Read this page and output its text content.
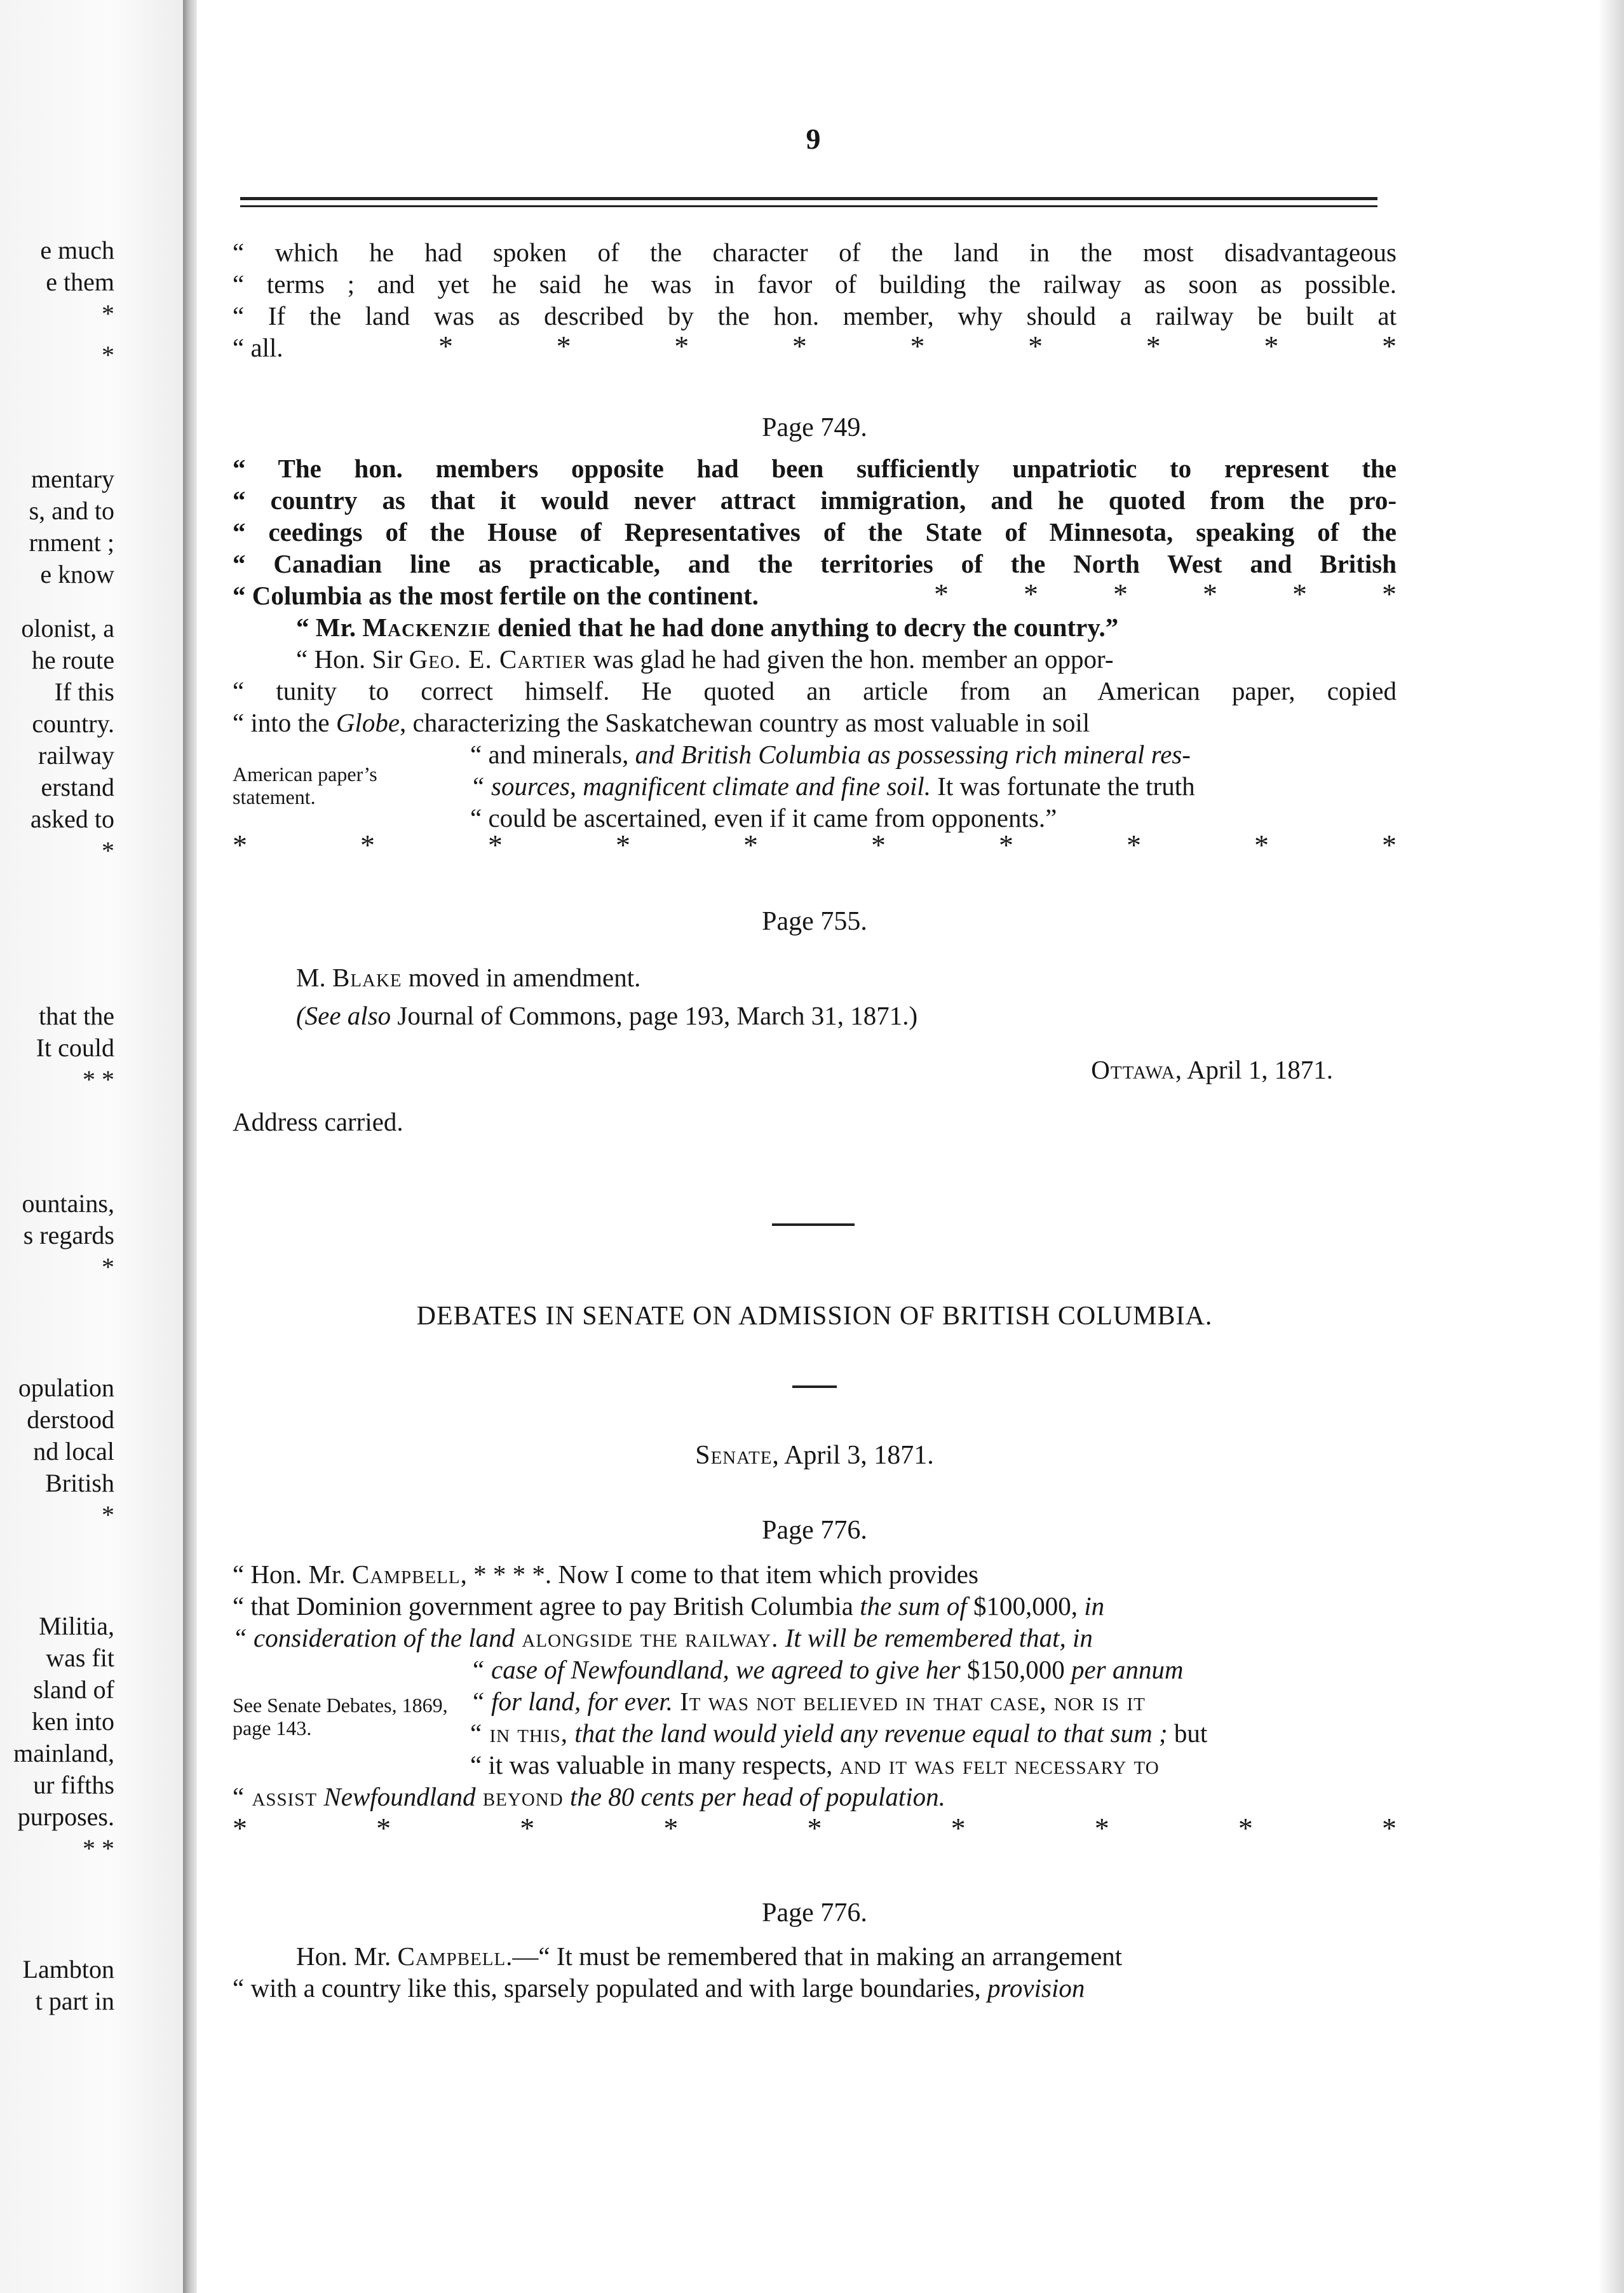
e much
e them
*
*
mentary
s, and to
rnment ;
e know
olonist, a
he route
If this
country.
railway
erstand
asked to
*
that the
It could
* *
ountains,
s regards
*
opulation
derstood
nd local
British
*
Militia,
was fit
sland of
ken into
mainland,
ur fifths
purposes.
* *
Lambton
t part in
9
“ which he had spoken of the character of the land in the most disadvantageous
“ terms ; and yet he said he was in favor of building the railway as soon as possible.
“ If the land was as described by the hon. member, why should a railway be built at
“ all.	*	*	*	*	*	*	*	*	*
Page 749.
“ The hon. members opposite had been sufficiently unpatriotic to represent the
“ country as that it would never attract immigration, and he quoted from the pro-
“ ceedings of the House of Representatives of the State of Minnesota, speaking of the
“ Canadian line as practicable, and the territories of the North West and British
“ Columbia as the most fertile on the continent.	*	*	*	*	*	*
“ Mr. Mackenzie denied that he had done anything to decry the country.”
“ Hon. Sir Geo. E. Cartier was glad he had given the hon. member an oppor-
“ tunity to correct himself. He quoted an article from an American paper, copied
“ into the Globe, characterizing the Saskatchewan country as most valuable in soil
“ and minerals, and British Columbia as possessing rich mineral res-
“ sources, magnificent climate and fine soil. It was fortunate the truth
“ could be ascertained, even if it came from opponents.”
American paper’s statement.
*	*	*	*	*	*	*	*	*	*
Page 755.
M. Blake moved in amendment.
(See also Journal of Commons, page 193, March 31, 1871.)
Ottawa, April 1, 1871.
Address carried.
DEBATES IN SENATE ON ADMISSION OF BRITISH COLUMBIA.
Senate, April 3, 1871.
Page 776.
“ Hon. Mr. Campbell, * * * *. Now I come to that item which provides
“ that Dominion government agree to pay British Columbia the sum of $100,000, in
“ consideration of the land alongside the railway. It will be remembered that, in
“ case of Newfoundland, we agreed to give her $150,000 per annum
“ for land, for ever. It was not believed in that case, nor is it
“ in this, that the land would yield any revenue equal to that sum ; but
“ it was valuable in many respects, and it was felt necessary to
“ assist Newfoundland beyond the 80 cents per head of population.
See Senate Debates, 1869, page 143.
*	*	*	*	*	*	*	*	*
Page 776.
Hon. Mr. Campbell.—“ It must be remembered that in making an arrangement
“ with a country like this, sparsely populated and with large boundaries, provision
